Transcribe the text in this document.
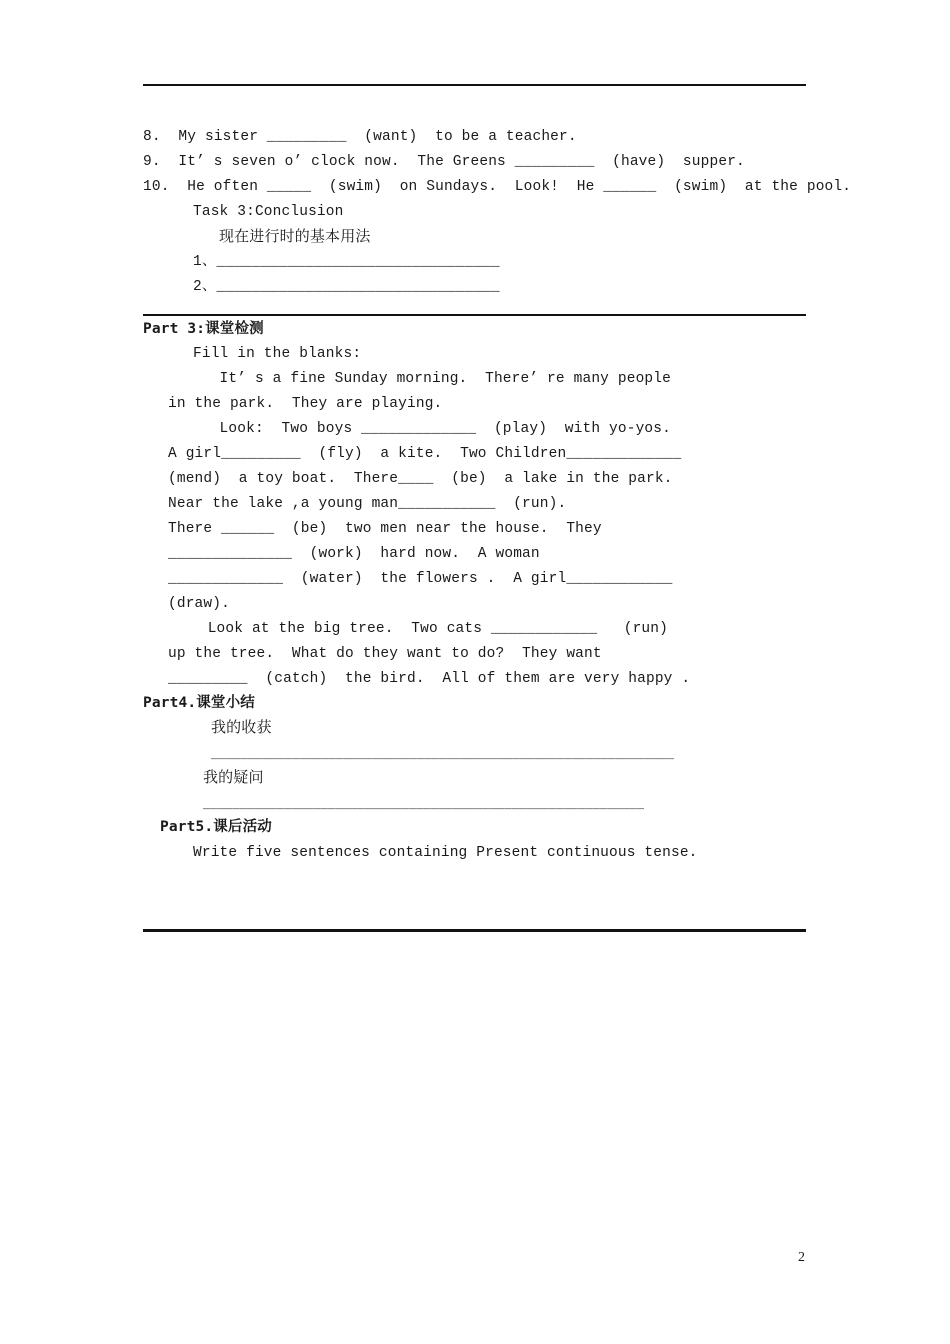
8.  My sister _________  (want)  to be a teacher.
9.  It’ s seven o’ clock now.  The Greens _________  (have)  supper.
10.  He often _____  (swim)  on Sundays.  Look!  He ______  (swim)  at the pool.
Task 3:Conclusion
现在进行时的基本用法
1、________________________________
2、________________________________
Part 3:课堂检测
Fill in the blanks:
It’ s a fine Sunday morning.  There’ re many people
in the park.  They are playing.
Look:  Two boys _____________  (play)  with yo-yos.
A girl_________  (fly)  a kite.  Two Children_____________
(mend)  a toy boat.  There____  (be)  a lake in the park.
Near the lake ,a young man___________  (run).
There ______  (be)  two men near the house.  They
______________  (work)  hard now.  A woman
_____________  (water)  the flowers .  A girl____________
(draw).
Look at the big tree.  Two cats ____________   (run)
up the tree.  What do they want to do?  They want
_________  (catch)  the bird.  All of them are very happy .
Part4.课堂小结
我的收获
_______________________________________________________________
我的疑问
____________________________________________________________
Part5.课后活动
Write five sentences containing Present continuous tense.
2
